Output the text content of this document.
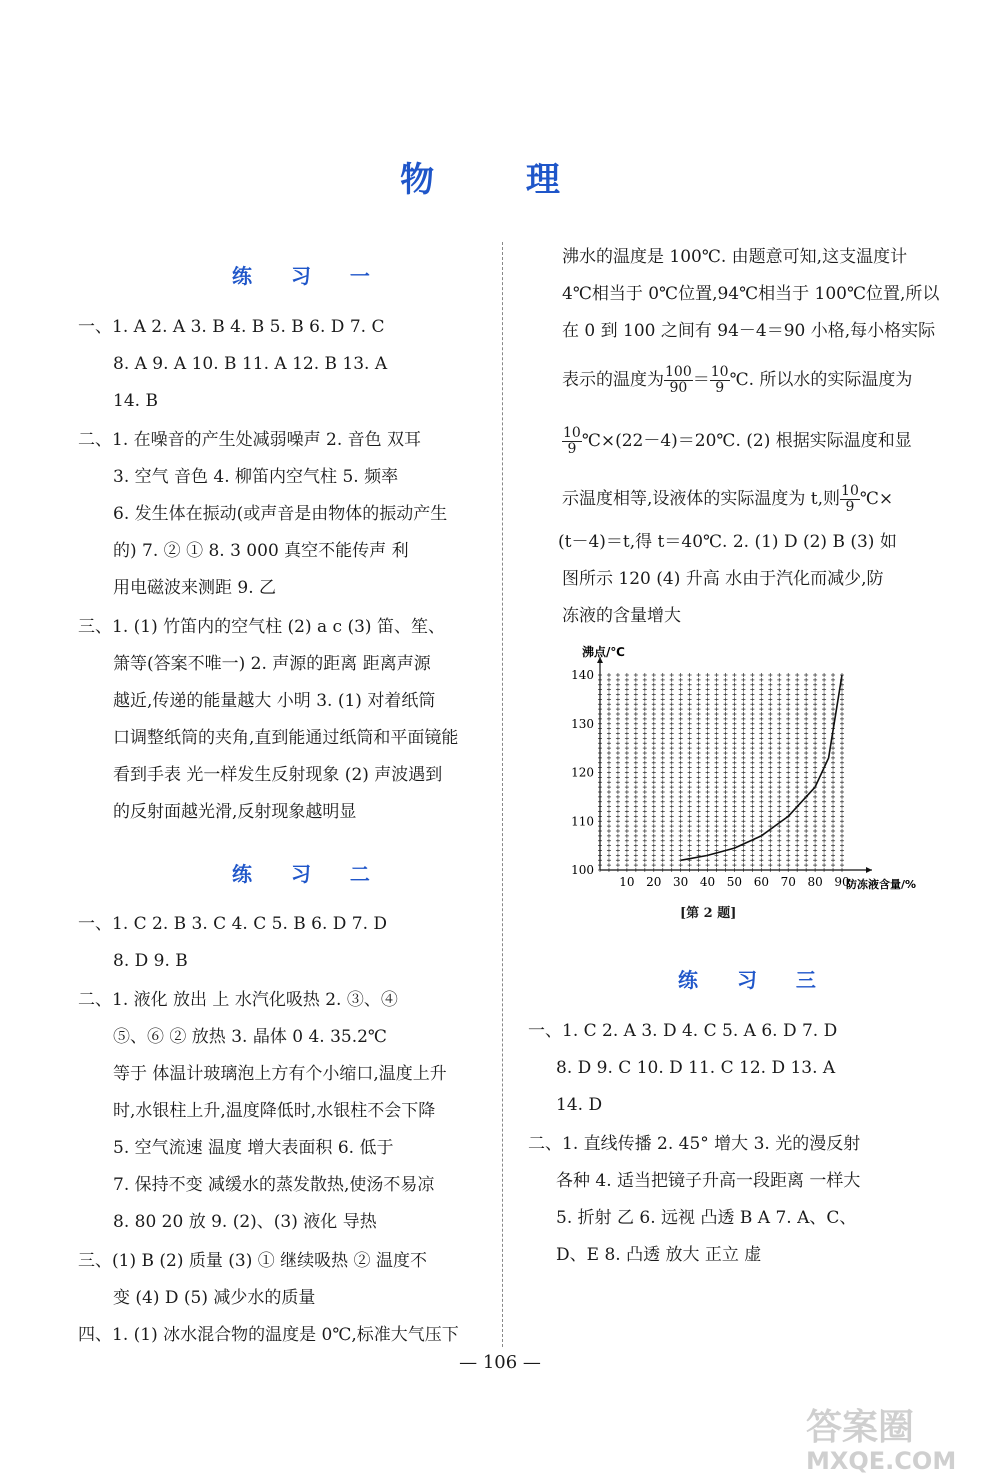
物 理
练 习 一
一、1. A 2. A 3. B 4. B 5. B 6. D 7. C
8. A 9. A 10. B 11. A 12. B 13. A
14. B
二、1. 在噪音的产生处减弱噪声 2. 音色 双耳
3. 空气 音色 4. 柳笛内空气柱 5. 频率
6. 发生体在振动(或声音是由物体的振动产生
的) 7. ② ① 8. 3 000 真空不能传声 利
用电磁波来测距 9. 乙
三、1. (1) 竹笛内的空气柱 (2) a c (3) 笛、笙、
箫等(答案不唯一) 2. 声源的距离 距离声源
越近,传递的能量越大 小明 3. (1) 对着纸筒
口调整纸筒的夹角,直到能通过纸筒和平面镜能
看到手表 光一样发生反射现象 (2) 声波遇到
的反射面越光滑,反射现象越明显
练 习 二
一、1. C 2. B 3. C 4. C 5. B 6. D 7. D
8. D 9. B
二、1. 液化 放出 上 水汽化吸热 2. ③、④
⑤、⑥ ② 放热 3. 晶体 0 4. 35.2℃
等于 体温计玻璃泡上方有个小缩口,温度上升
时,水银柱上升,温度降低时,水银柱不会下降
5. 空气流速 温度 增大表面积 6. 低于
7. 保持不变 减缓水的蒸发散热,使汤不易凉
8. 80 20 放 9. (2)、(3) 液化 导热
三、(1) B (2) 质量 (3) ① 继续吸热 ② 温度不
变 (4) D (5) 减少水的质量
四、1. (1) 冰水混合物的温度是 0℃,标准大气压下
沸水的温度是 100℃. 由题意可知,这支温度计
4℃相当于 0℃位置,94℃相当于 100℃位置,所以
在 0 到 100 之间有 94－4＝90 小格,每小格实际
表示的温度为 $\frac{100}{90} = \frac{10}{9}$ ℃. 所以水的实际温度为
$\frac{10}{9}$ ℃×(22－4)＝20℃. (2) 根据实际温度和显
示温度相等,设液体的实际温度为 t,则 $\frac{10}{9}$ ℃×
(t－4)＝t,得 t＝40℃. 2. (1) D (2) B (3) 如
图所示 120 (4) 升高 水由于汽化而减少,防
冻液的含量增大
100
110
120
130
140
10 20 30 40 50 60 70 80 90
沸点/℃
防冻液含量/%
[第 2 题]
练 习 三
一、1. C 2. A 3. D 4. C 5. A 6. D 7. D
8. D 9. C 10. D 11. C 12. D 13. A
14. D
二、1. 直线传播 2. 45° 增大 3. 光的漫反射
各种 4. 适当把镜子升高一段距离 一样大
5. 折射 乙 6. 远视 凸透 B A 7. A、C、
D、E 8. 凸透 放大 正立 虚
— 106 —
答案圈
MXQE.COM
